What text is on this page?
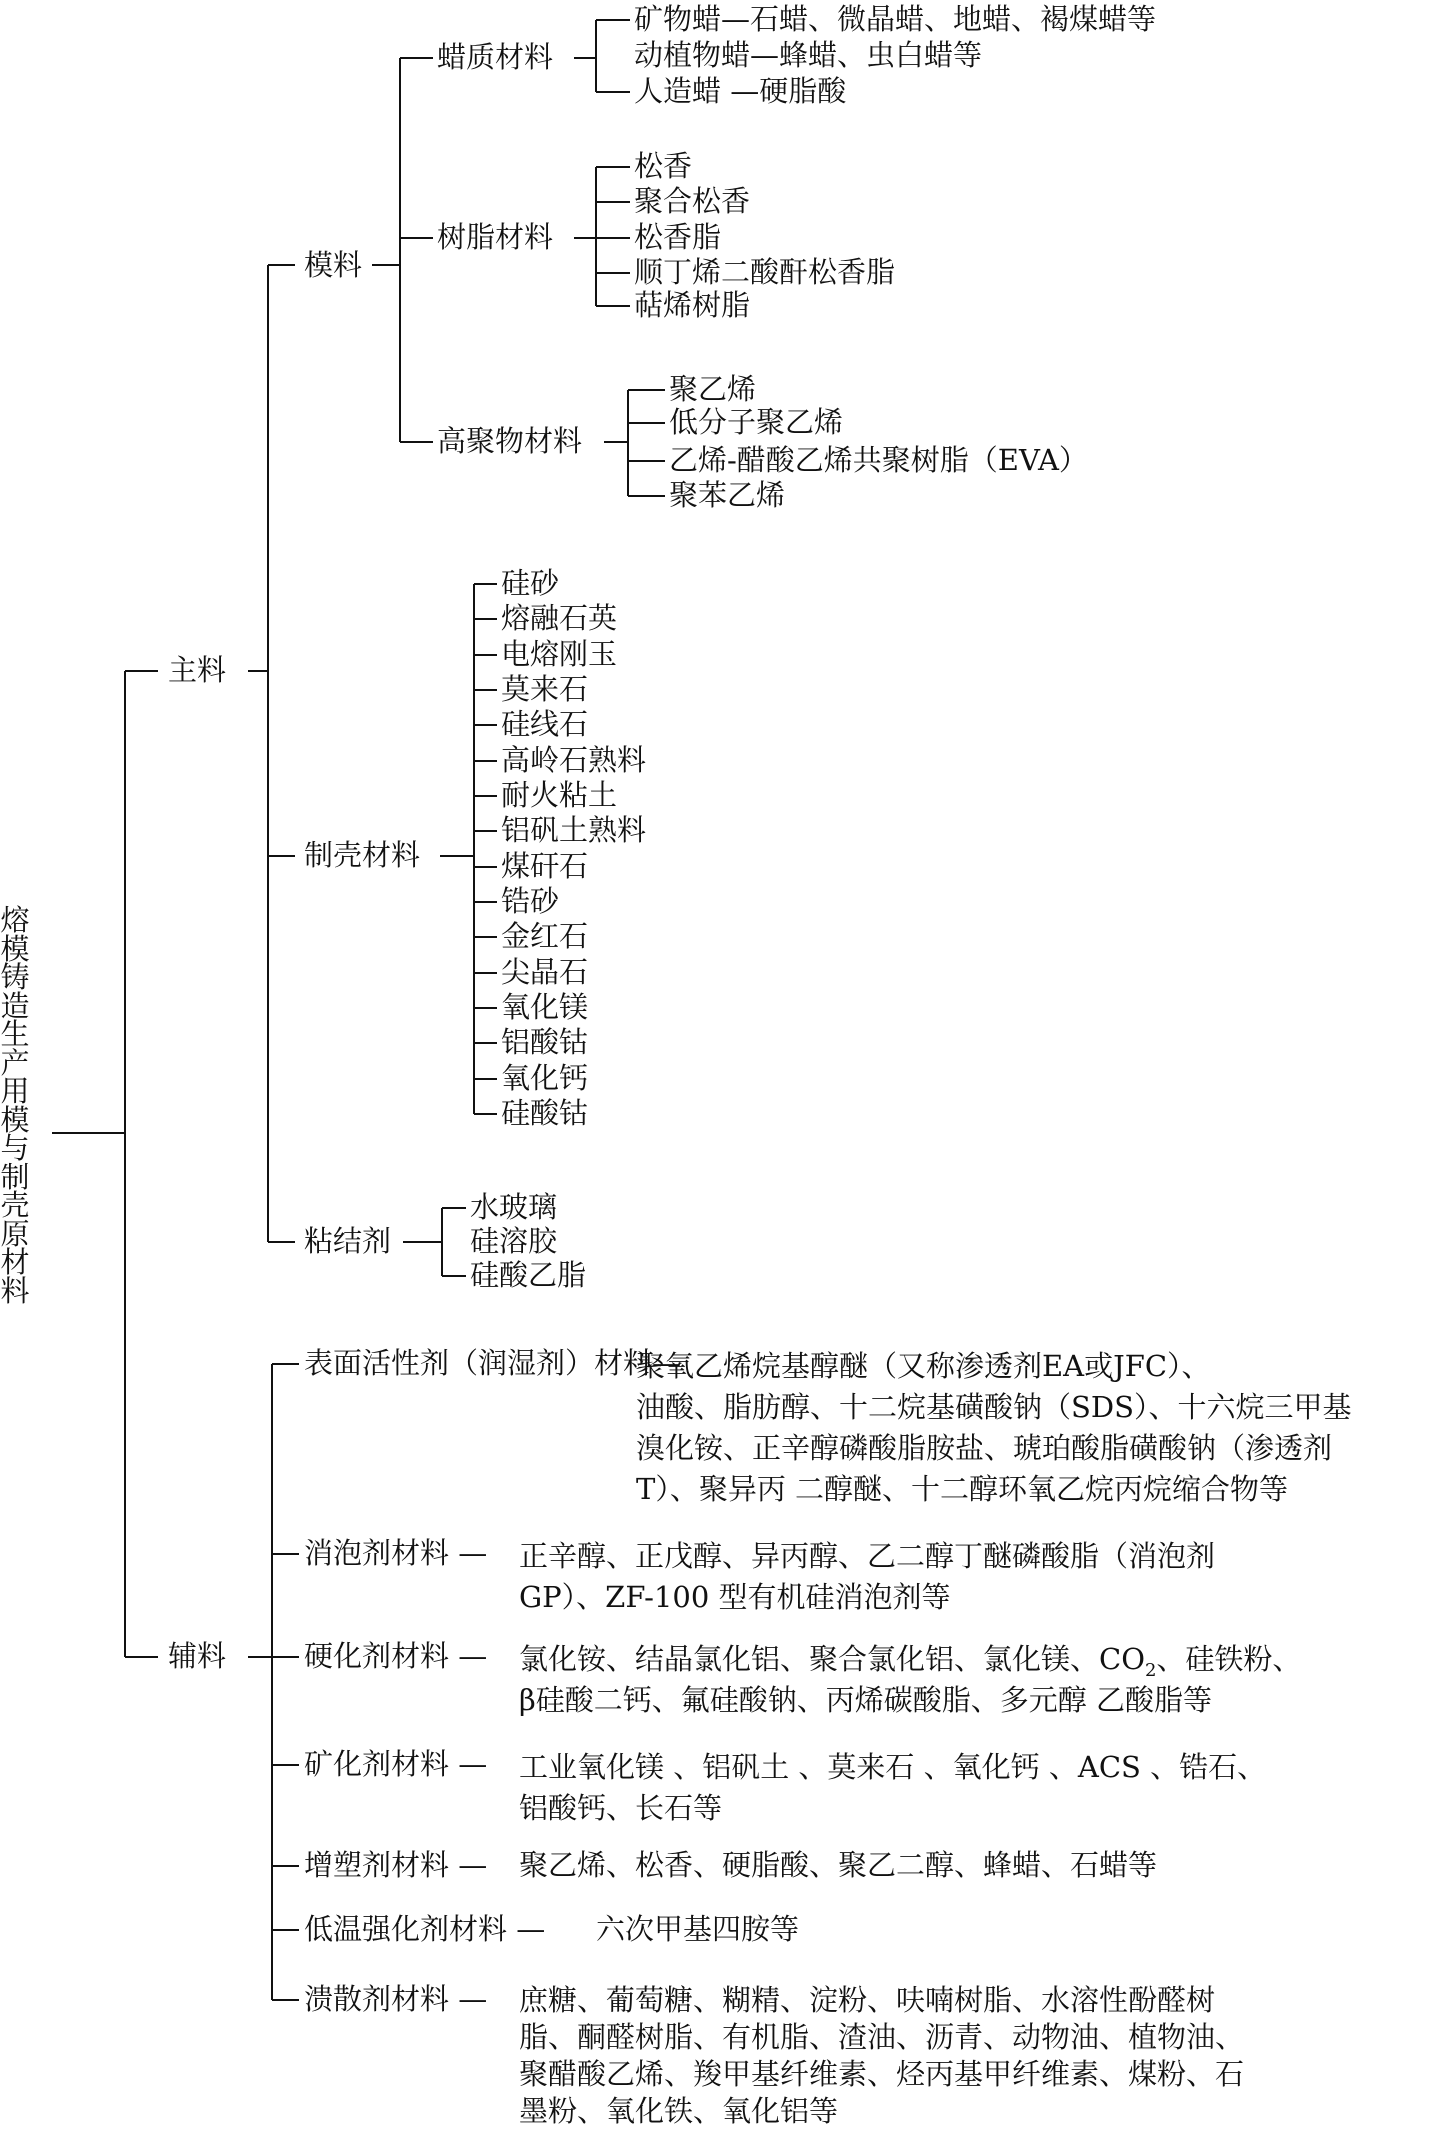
熔模铸造生产用模与制壳原材料
主料
模料
蜡质材料
矿物蜡—石蜡、微晶蜡、地蜡、褐煤蜡等
动植物蜡—蜂蜡、虫白蜡等
人造蜡 —硬脂酸
树脂材料
松香
聚合松香
松香脂
顺丁烯二酸酐松香脂
萜烯树脂
高聚物材料
聚乙烯
低分子聚乙烯
乙烯-醋酸乙烯共聚树脂（EVA）
聚苯乙烯
制壳材料
硅砂
熔融石英
电熔刚玉
莫来石
硅线石
高岭石熟料
耐火粘土
铝矾土熟料
煤矸石
锆砂
金红石
尖晶石
氧化镁
铝酸钴
氧化钙
硅酸钴
粘结剂
水玻璃
硅溶胶
硅酸乙脂
辅料
表面活性剂（润湿剂）材料—
聚氧乙烯烷基醇醚（又称渗透剂EA或JFC）、
油酸、脂肪醇、十二烷基磺酸钠（SDS）、十六烷三甲基
溴化铵、正辛醇磷酸脂胺盐、琥珀酸脂磺酸钠（渗透剂
T）、聚异丙 二醇醚、十二醇环氧乙烷丙烷缩合物等
消泡剂材料 — 正辛醇、正戊醇、异丙醇、乙二醇丁醚磷酸脂（消泡剂
GP）、ZF-100 型有机硅消泡剂等
硬化剂材料 — 氯化铵、结晶氯化铝、聚合氯化铝、氯化镁、$CO_2$、硅铁粉、
β硅酸二钙、氟硅酸钠、丙烯碳酸脂、多元醇 乙酸脂等
矿化剂材料 — 工业氧化镁 、铝矾土 、莫来石 、氧化钙 、ACS 、锆石、
铝酸钙、长石等
增塑剂材料 — 聚乙烯、松香、硬脂酸、聚乙二醇、蜂蜡、石蜡等
低温强化剂材料 — 六次甲基四胺等
溃散剂材料 — 庶糖、葡萄糖、糊精、淀粉、呋喃树脂、水溶性酚醛树
脂、酮醛树脂、有机脂、渣油、沥青、动物油、植物油、
聚醋酸乙烯、羧甲基纤维素、烃丙基甲纤维素、煤粉、石
墨粉、氧化铁、氧化铝等
